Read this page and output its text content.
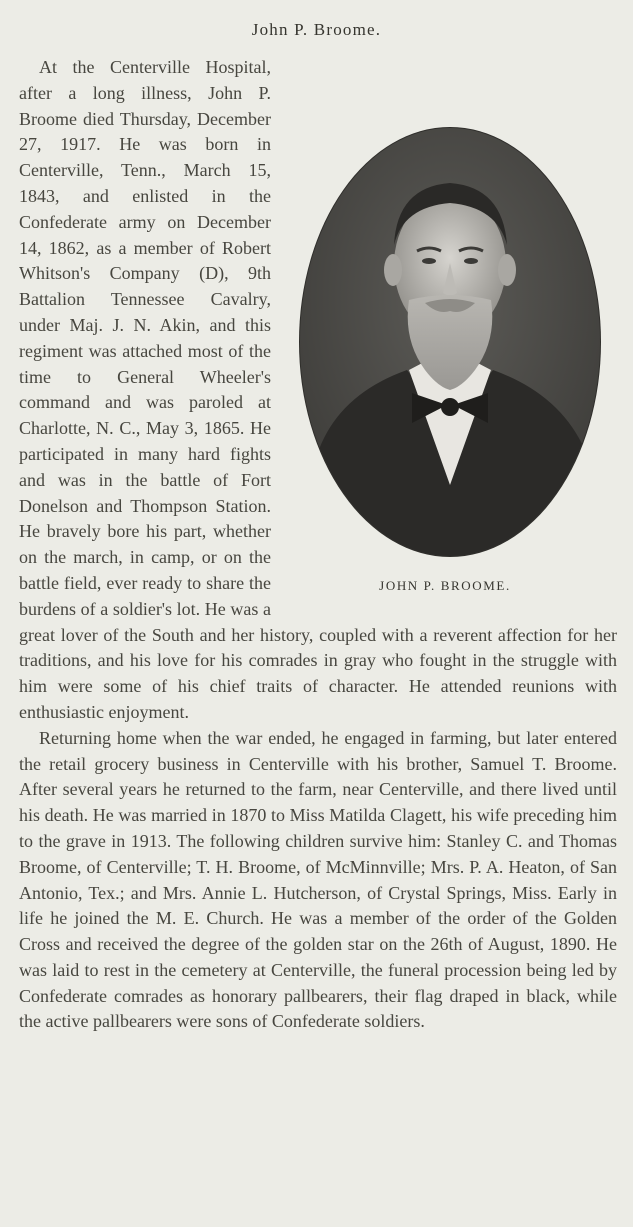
John P. Broome.
JOHN P. BROOME.

At the Centerville Hospital, after a long illness, John P. Broome died Thursday, December 27, 1917. He was born in Centerville, Tenn., March 15, 1843, and enlisted in the Confederate army on December 14, 1862, as a member of Robert Whitson's Company (D), 9th Battalion Tennessee Cavalry, under Maj. J. N. Akin, and this regiment was attached most of the time to General Wheeler's command and was paroled at Charlotte, N. C., May 3, 1865. He participated in many hard fights and was in the battle of Fort Donelson and Thompson Station. He bravely bore his part, whether on the march, in camp, or on the battle field, ever ready to share the burdens of a soldier's lot. He was a great lover of the South and her history, coupled with a reverent affection for her traditions, and his love for his comrades in gray who fought in the struggle with him were some of his chief traits of character. He attended reunions with enthusiastic enjoyment.

Returning home when the war ended, he engaged in farming, but later entered the retail grocery business in Centerville with his brother, Samuel T. Broome. After several years he returned to the farm, near Centerville, and there lived until his death. He was married in 1870 to Miss Matilda Clagett, his wife preceding him to the grave in 1913. The following children survive him: Stanley C. and Thomas Broome, of Centerville; T. H. Broome, of McMinnville; Mrs. P. A. Heaton, of San Antonio, Tex.; and Mrs. Annie L. Hutcherson, of Crystal Springs, Miss. Early in life he joined the M. E. Church. He was a member of the order of the Golden Cross and received the degree of the golden star on the 26th of August, 1890. He was laid to rest in the cemetery at Centerville, the funeral procession being led by Confederate comrades as honorary pallbearers, their flag draped in black, while the active pallbearers were sons of Confederate soldiers.
